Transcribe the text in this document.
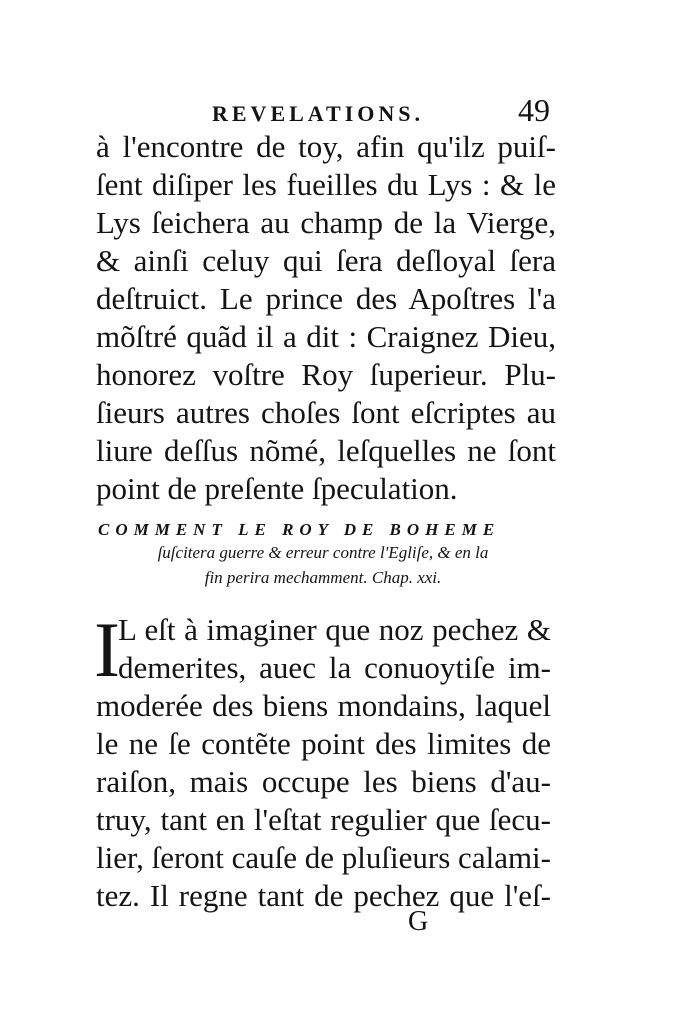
REVELATIONS.	49
à l'encontre de toy, afin qu'ilz puiſ-
ſent diſiper les fueilles du Lys : & le
Lys ſeichera au champ de la Vierge,
& ainſi celuy qui ſera deſloyal ſera
deſtruict. Le prince des Apoſtres l'a
mõſtré quãd il a dit : Craignez Dieu,
honorez voſtre Roy ſuperieur. Plu-
ſieurs autres choſes ſont eſcriptes au
liure deſſus nõmé, leſquelles ne ſont
point de preſente ſpeculation.
COMMENT LE ROY DE BOHEME
ſuſcitera guerre & erreur contre l'Egliſe, & en la
fin perira mechamment. Chap. xxi.
I
L eſt à imaginer que noz pechez &
demerites, auec la conuoytiſe im-
moderée des biens mondains, laquel
le ne ſe contẽte point des limites de
raiſon, mais occupe les biens d'au-
truy, tant en l'eſtat regulier que ſecu-
lier, ſeront cauſe de pluſieurs calami-
tez. Il regne tant de pechez que l'eſ-
G
